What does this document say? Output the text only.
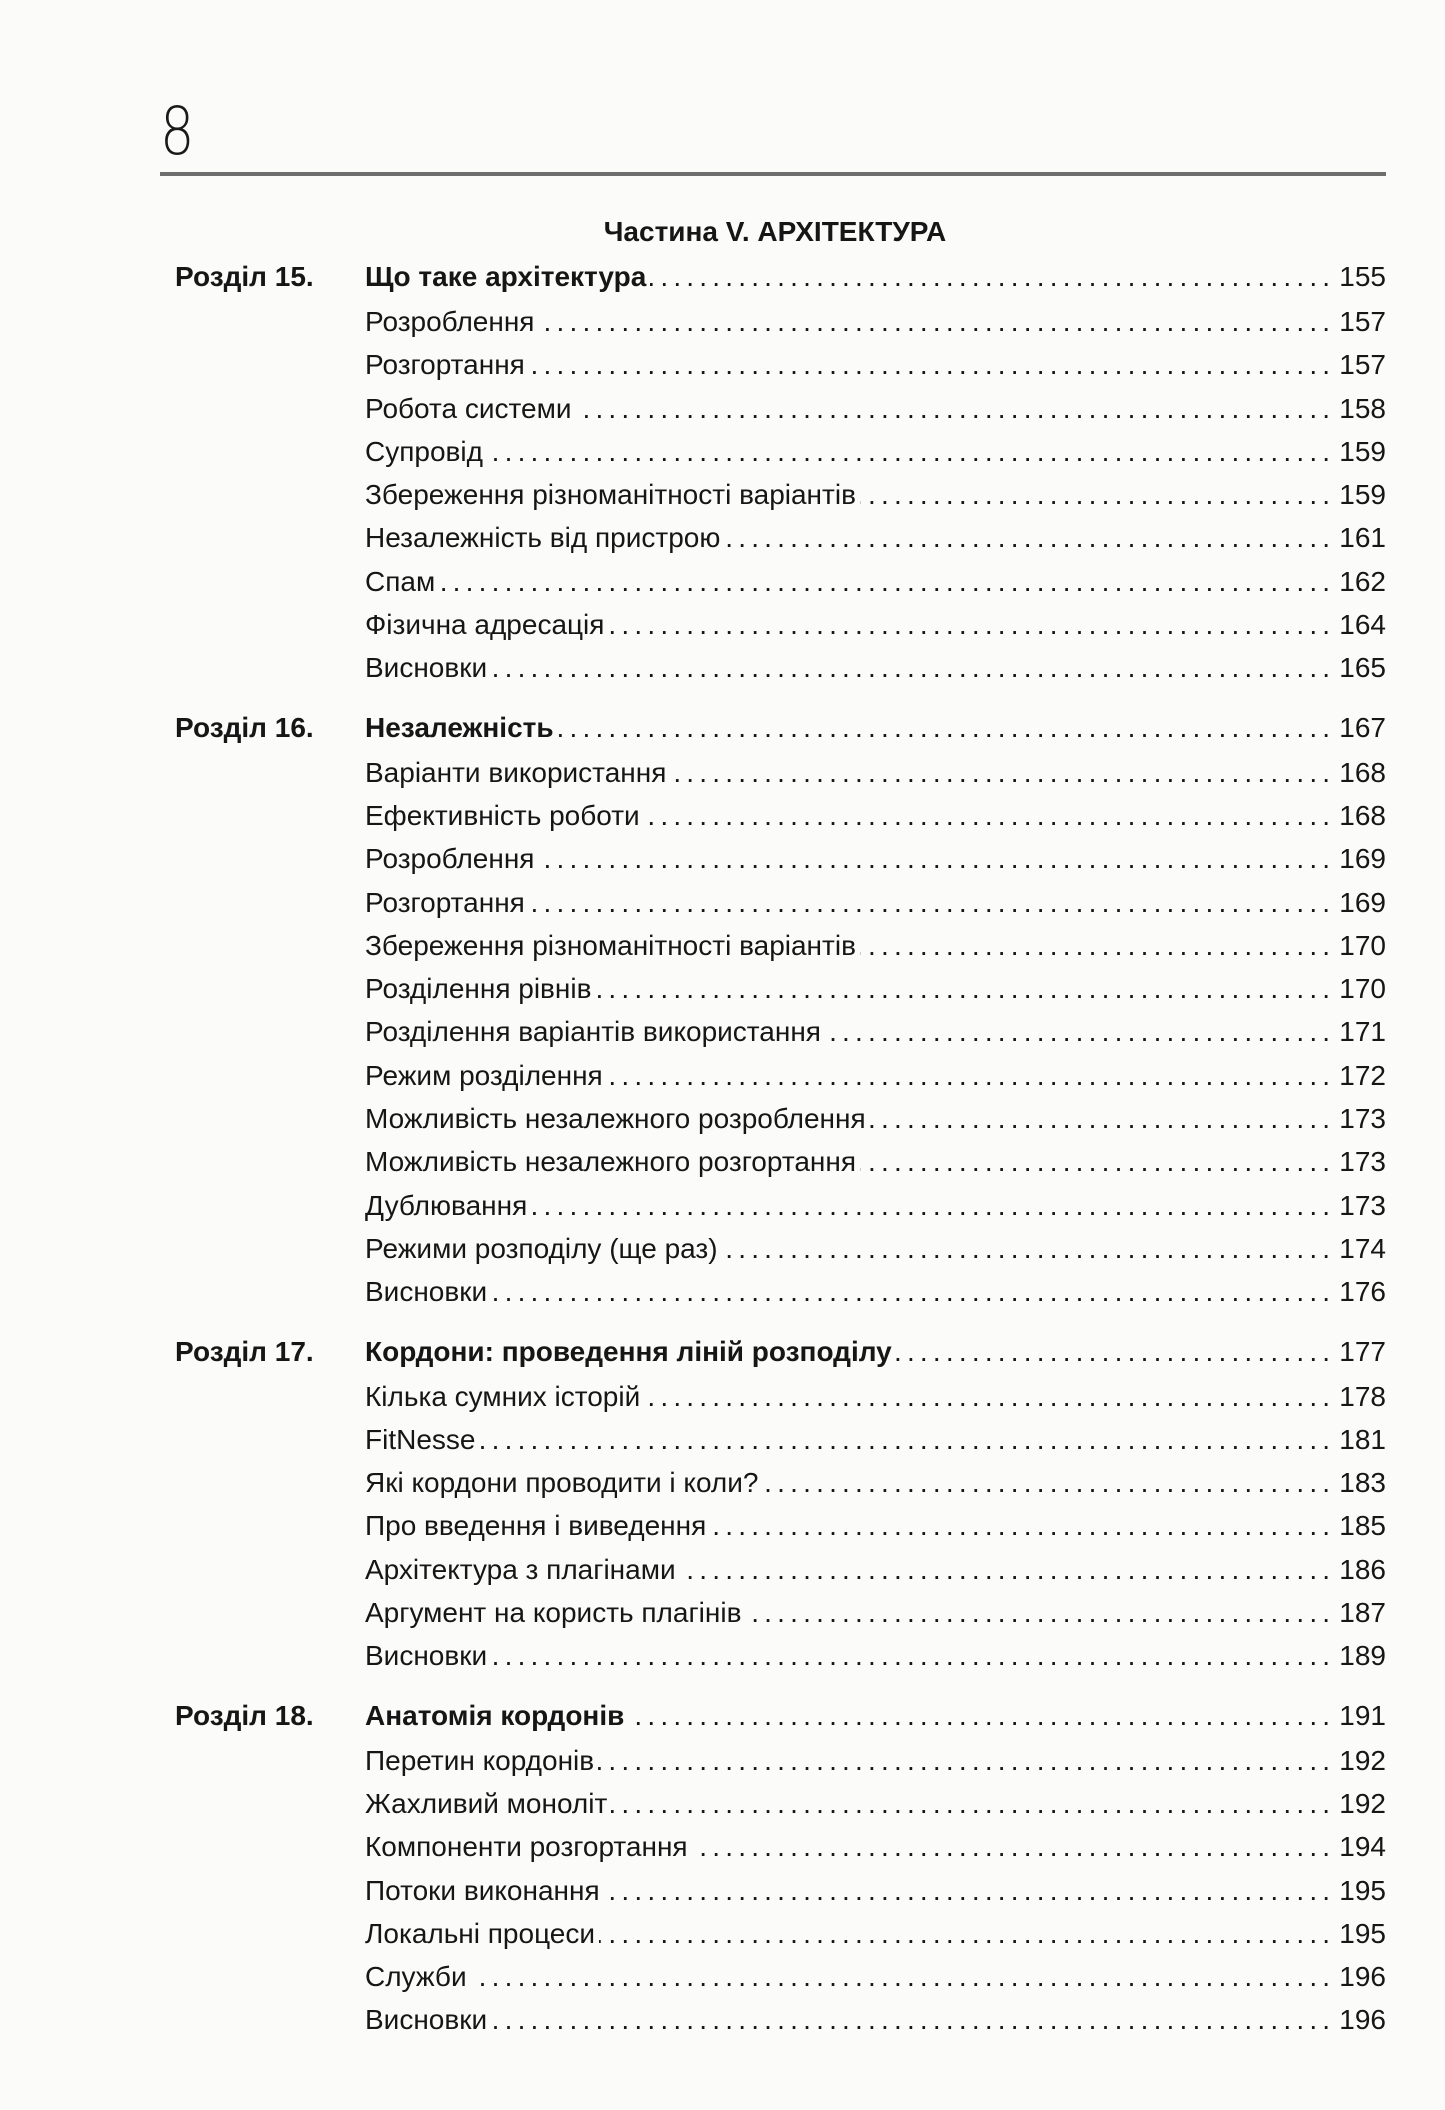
8
Частина V. АРХІТЕКТУРА
Розділ 15.	Що таке архітектура .....	155
Розроблення .....	157
Розгортання .....	157
Робота системи .....	158
Супровід .....	159
Збереження різноманітності варіантів .....	159
Незалежність від пристрою .....	161
Спам .....	162
Фізична адресація .....	164
Висновки .....	165
Розділ 16.	Незалежність .....	167
Варіанти використання .....	168
Ефективність роботи .....	168
Розроблення .....	169
Розгортання .....	169
Збереження різноманітності варіантів .....	170
Розділення рівнів .....	170
Розділення варіантів використання .....	171
Режим розділення .....	172
Можливість незалежного розроблення .....	173
Можливість незалежного розгортання .....	173
Дублювання .....	173
Режими розподілу (ще раз) .....	174
Висновки .....	176
Розділ 17.	Кордони: проведення ліній розподілу .....	177
Кілька сумних історій .....	178
FitNesse .....	181
Які кордони проводити і коли? .....	183
Про введення і виведення .....	185
Архітектура з плагінами .....	186
Аргумент на користь плагінів .....	187
Висновки .....	189
Розділ 18.	Анатомія кордонів .....	191
Перетин кордонів .....	192
Жахливий моноліт .....	192
Компоненти розгортання .....	194
Потоки виконання .....	195
Локальні процеси .....	195
Служби .....	196
Висновки .....	196
